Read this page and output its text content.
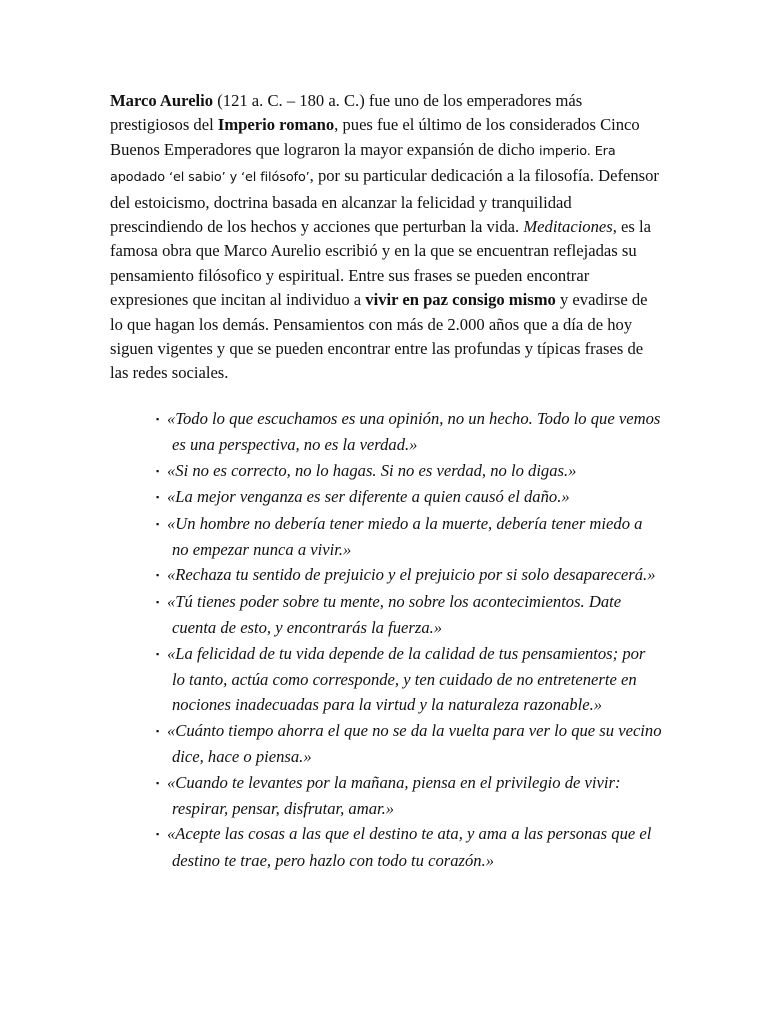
Marco Aurelio (121 a. C. – 180 a. C.) fue uno de los emperadores más prestigiosos del Imperio romano, pues fue el último de los considerados Cinco Buenos Emperadores que lograron la mayor expansión de dicho imperio. Era apodado ‘el sabio’ y ‘el filósofo’, por su particular dedicación a la filosofía. Defensor del estoicismo, doctrina basada en alcanzar la felicidad y tranquilidad prescindiendo de los hechos y acciones que perturban la vida. Meditaciones, es la famosa obra que Marco Aurelio escribió y en la que se encuentran reflejadas su pensamiento filósofico y espiritual. Entre sus frases se pueden encontrar expresiones que incitan al individuo a vivir en paz consigo mismo y evadirse de lo que hagan los demás. Pensamientos con más de 2.000 años que a día de hoy siguen vigentes y que se pueden encontrar entre las profundas y típicas frases de las redes sociales.

▪ «Todo lo que escuchamos es una opinión, no un hecho. Todo lo que vemos es una perspectiva, no es la verdad.»
▪ «Si no es correcto, no lo hagas. Si no es verdad, no lo digas.»
▪ «La mejor venganza es ser diferente a quien causó el daño.»
▪ «Un hombre no debería tener miedo a la muerte, debería tener miedo a no empezar nunca a vivir.»
▪ «Rechaza tu sentido de prejuicio y el prejuicio por si solo desaparecerá.»
▪ «Tú tienes poder sobre tu mente, no sobre los acontecimientos. Date cuenta de esto, y encontrarás la fuerza.»
▪ «La felicidad de tu vida depende de la calidad de tus pensamientos; por lo tanto, actúa como corresponde, y ten cuidado de no entretenerte en nociones inadecuadas para la virtud y la naturaleza razonable.»
▪ «Cuánto tiempo ahorra el que no se da la vuelta para ver lo que su vecino dice, hace o piensa.»
▪ «Cuando te levantes por la mañana, piensa en el privilegio de vivir: respirar, pensar, disfrutar, amar.»
▪ «Acepte las cosas a las que el destino te ata, y ama a las personas que el destino te trae, pero hazlo con todo tu corazón.»
